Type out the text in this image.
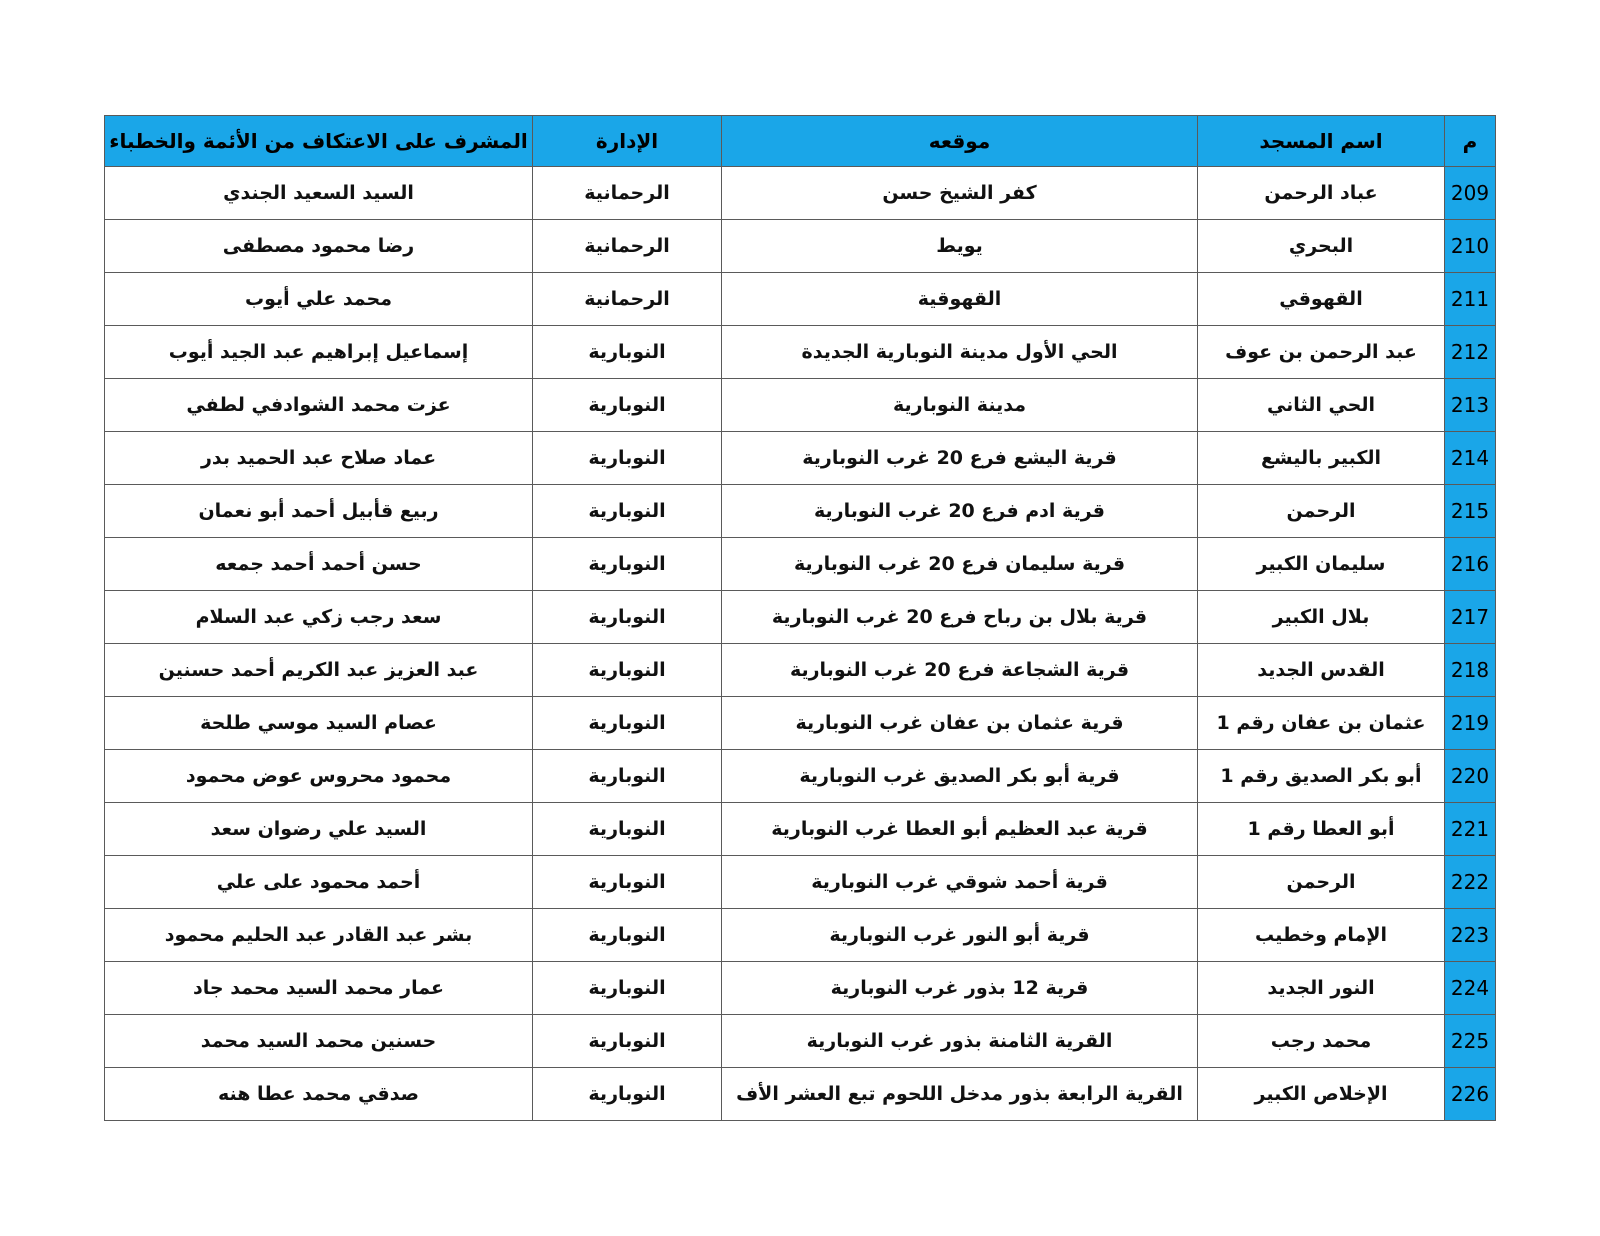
م	اسم المسجد	موقعه	الإدارة	المشرف على الاعتكاف من الأئمة والخطباء
209	عباد الرحمن	كفر الشيخ حسن	الرحمانية	السيد السعيد الجندي
210	البحري	يويط	الرحمانية	رضا محمود مصطفى
211	القهوقي	القهوقية	الرحمانية	محمد علي أيوب
212	عبد الرحمن بن عوف	الحي الأول مدينة النوبارية الجديدة	النوبارية	إسماعيل إبراهيم عبد الجيد أيوب
213	الحي الثاني	مدينة النوبارية	النوبارية	عزت محمد الشوادفي لطفي
214	الكبير باليشع	قرية اليشع فرع 20 غرب النوبارية	النوبارية	عماد صلاح عبد الحميد بدر
215	الرحمن	قرية ادم فرع 20 غرب النوبارية	النوبارية	ربيع قأبيل أحمد أبو نعمان
216	سليمان الكبير	قرية سليمان فرع 20 غرب النوبارية	النوبارية	حسن أحمد أحمد جمعه
217	بلال الكبير	قرية بلال بن رباح فرع 20 غرب النوبارية	النوبارية	سعد رجب زكي عبد السلام
218	القدس الجديد	قرية الشجاعة فرع 20 غرب النوبارية	النوبارية	عبد العزيز عبد الكريم أحمد حسنين
219	عثمان بن عفان رقم 1	قرية عثمان بن عفان غرب النوبارية	النوبارية	عصام السيد موسي طلحة
220	أبو بكر الصديق رقم 1	قرية أبو بكر الصديق غرب النوبارية	النوبارية	محمود محروس عوض محمود
221	أبو العطا رقم 1	قرية عبد العظيم أبو العطا غرب النوبارية	النوبارية	السيد علي رضوان سعد
222	الرحمن	قرية أحمد شوقي غرب النوبارية	النوبارية	أحمد محمود على علي
223	الإمام وخطيب	قرية أبو النور غرب النوبارية	النوبارية	بشر عبد القادر عبد الحليم محمود
224	النور الجديد	قرية 12 بذور غرب النوبارية	النوبارية	عمار محمد السيد محمد جاد
225	محمد رجب	القرية الثامنة بذور غرب النوبارية	النوبارية	حسنين محمد السيد محمد
226	الإخلاص الكبير	القرية الرابعة بذور مدخل اللحوم تبع العشر الأف	النوبارية	صدقي محمد عطا هنه
